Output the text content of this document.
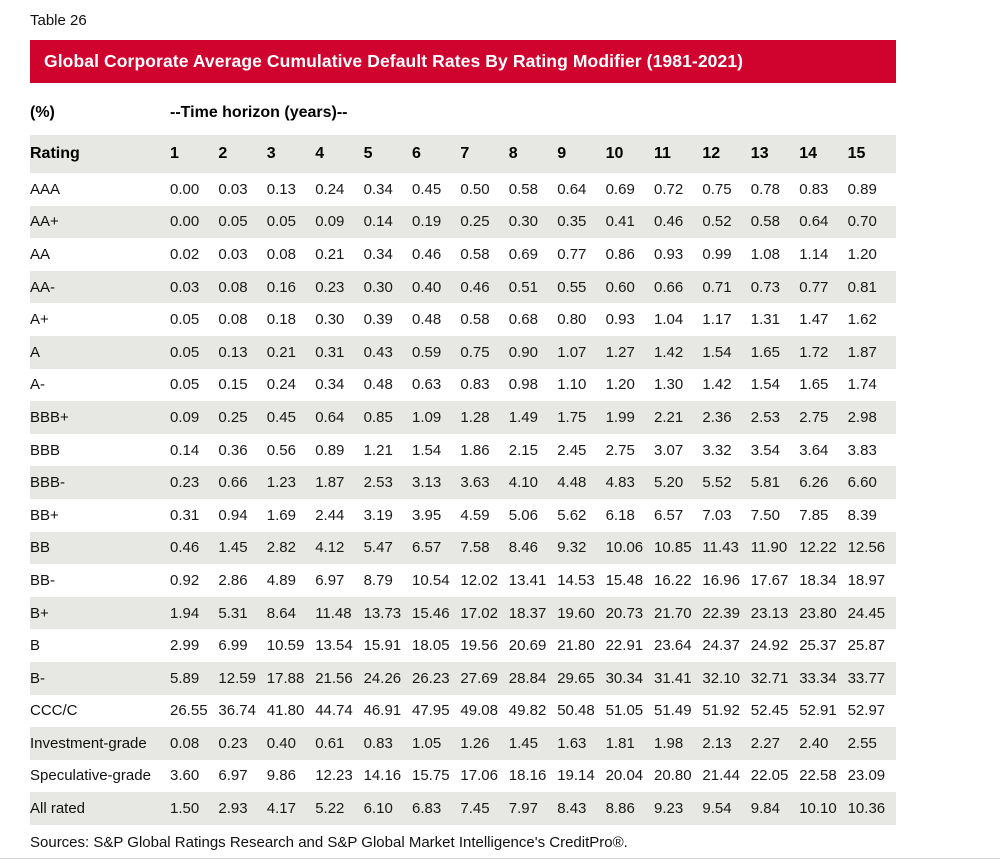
Table 26
Global Corporate Average Cumulative Default Rates By Rating Modifier (1981-2021)
(%)	--Time horizon (years)--
Rating	1	2	3	4	5	6	7	8	9	10	11	12	13	14	15
AAA	0.00	0.03	0.13	0.24	0.34	0.45	0.50	0.58	0.64	0.69	0.72	0.75	0.78	0.83	0.89
AA+	0.00	0.05	0.05	0.09	0.14	0.19	0.25	0.30	0.35	0.41	0.46	0.52	0.58	0.64	0.70
AA	0.02	0.03	0.08	0.21	0.34	0.46	0.58	0.69	0.77	0.86	0.93	0.99	1.08	1.14	1.20
AA-	0.03	0.08	0.16	0.23	0.30	0.40	0.46	0.51	0.55	0.60	0.66	0.71	0.73	0.77	0.81
A+	0.05	0.08	0.18	0.30	0.39	0.48	0.58	0.68	0.80	0.93	1.04	1.17	1.31	1.47	1.62
A	0.05	0.13	0.21	0.31	0.43	0.59	0.75	0.90	1.07	1.27	1.42	1.54	1.65	1.72	1.87
A-	0.05	0.15	0.24	0.34	0.48	0.63	0.83	0.98	1.10	1.20	1.30	1.42	1.54	1.65	1.74
BBB+	0.09	0.25	0.45	0.64	0.85	1.09	1.28	1.49	1.75	1.99	2.21	2.36	2.53	2.75	2.98
BBB	0.14	0.36	0.56	0.89	1.21	1.54	1.86	2.15	2.45	2.75	3.07	3.32	3.54	3.64	3.83
BBB-	0.23	0.66	1.23	1.87	2.53	3.13	3.63	4.10	4.48	4.83	5.20	5.52	5.81	6.26	6.60
BB+	0.31	0.94	1.69	2.44	3.19	3.95	4.59	5.06	5.62	6.18	6.57	7.03	7.50	7.85	8.39
BB	0.46	1.45	2.82	4.12	5.47	6.57	7.58	8.46	9.32	10.06 10.85 11.43 11.90 12.22 12.56
BB-	0.92	2.86	4.89	6.97	8.79	10.54 12.02 13.41 14.53 15.48 16.22 16.96 17.67 18.34 18.97
B+	1.94	5.31	8.64	11.48 13.73 15.46 17.02 18.37 19.60 20.73 21.70 22.39 23.13 23.80 24.45
B	2.99	6.99	10.59 13.54 15.91 18.05 19.56 20.69 21.80 22.91 23.64 24.37 24.92 25.37 25.87
B-	5.89	12.59 17.88 21.56 24.26 26.23 27.69 28.84 29.65 30.34 31.41 32.10 32.71 33.34 33.77
CCC/C	26.55 36.74 41.80 44.74 46.91 47.95 49.08 49.82 50.48 51.05 51.49 51.92 52.45 52.91 52.97
Investment-grade	0.08	0.23	0.40	0.61	0.83	1.05	1.26	1.45	1.63	1.81	1.98	2.13	2.27	2.40	2.55
Speculative-grade	3.60	6.97	9.86	12.23 14.16 15.75 17.06 18.16 19.14 20.04 20.80 21.44 22.05 22.58 23.09
All rated	1.50	2.93	4.17	5.22	6.10	6.83	7.45	7.97	8.43	8.86	9.23	9.54	9.84	10.10 10.36
Sources: S&P Global Ratings Research and S&P Global Market Intelligence's CreditPro®.
